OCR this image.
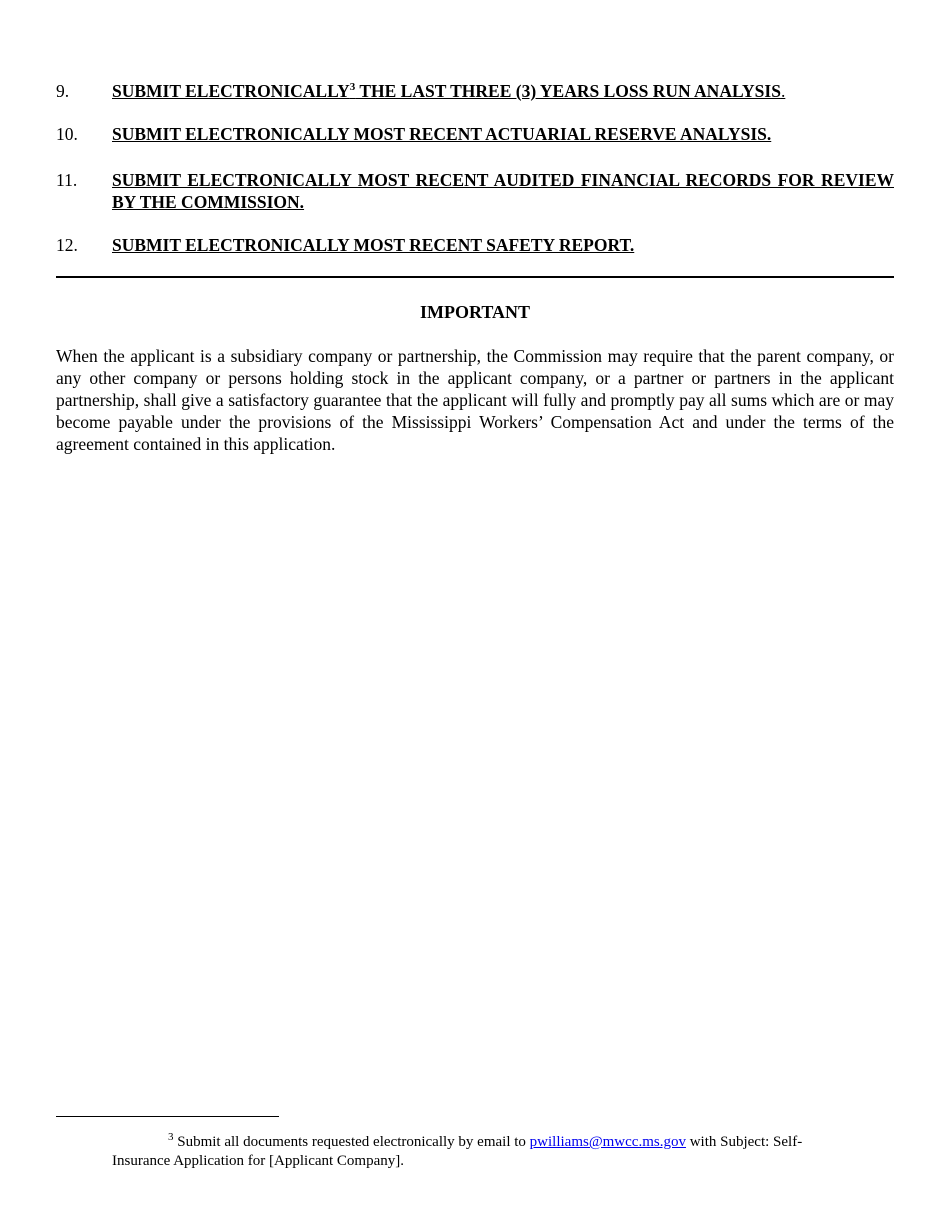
9.	SUBMIT ELECTRONICALLY$^3$ THE LAST THREE (3) YEARS LOSS RUN ANALYSIS.
10.	SUBMIT ELECTRONICALLY MOST RECENT ACTUARIAL RESERVE ANALYSIS.
11.	SUBMIT ELECTRONICALLY MOST RECENT AUDITED FINANCIAL RECORDS FOR REVIEW BY THE COMMISSION.
12.	SUBMIT ELECTRONICALLY MOST RECENT SAFETY REPORT.
IMPORTANT
When the applicant is a subsidiary company or partnership, the Commission may require that the parent company, or any other company or persons holding stock in the applicant company, or a partner or partners in the applicant partnership, shall give a satisfactory guarantee that the applicant will fully and promptly pay all sums which are or may become payable under the provisions of the Mississippi Workers’ Compensation Act and under the terms of the agreement contained in this application.
$^3$ Submit all documents requested electronically by email to pwilliams@mwcc.ms.gov with Subject: Self-Insurance Application for [Applicant Company].
